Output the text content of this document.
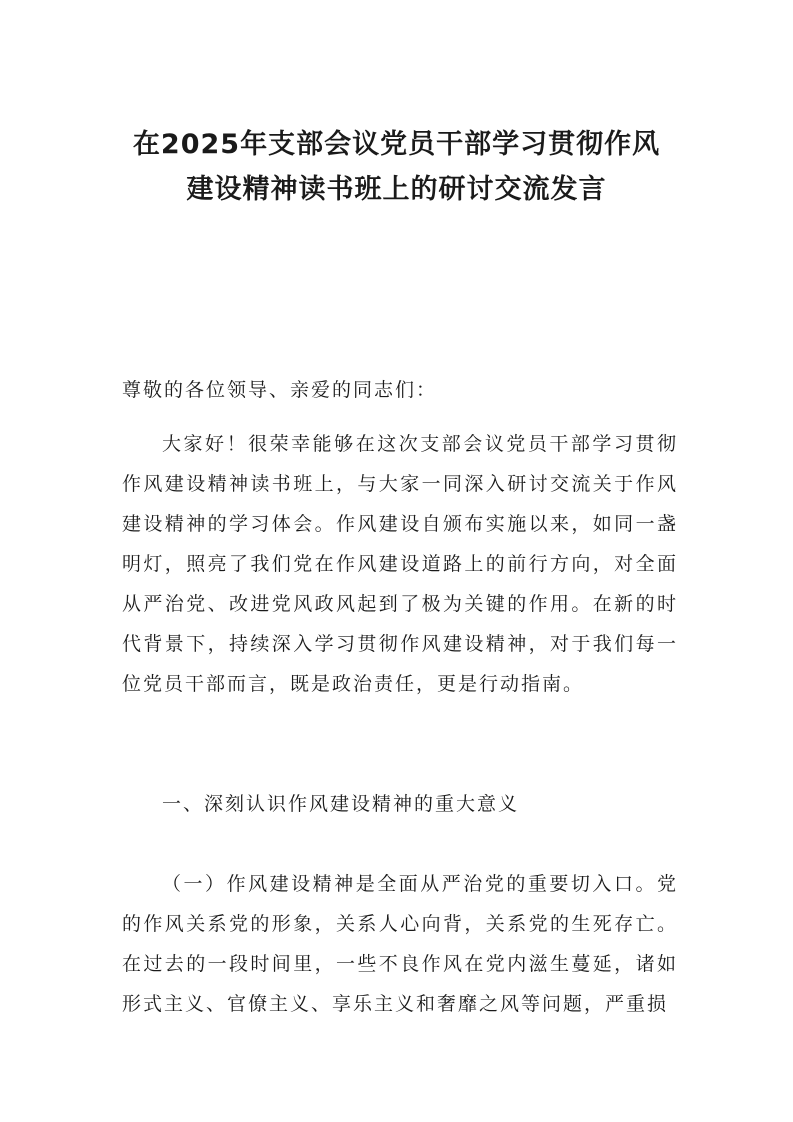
在2025年支部会议党员干部学习贯彻作风
建设精神读书班上的研讨交流发言
尊敬的各位领导、亲爱的同志们：
大家好！很荣幸能够在这次支部会议党员干部学习贯彻作风建设精神读书班上，与大家一同深入研讨交流关于作风建设精神的学习体会。作风建设自颁布实施以来，如同一盏明灯，照亮了我们党在作风建设道路上的前行方向，对全面从严治党、改进党风政风起到了极为关键的作用。在新的时代背景下，持续深入学习贯彻作风建设精神，对于我们每一位党员干部而言，既是政治责任，更是行动指南。
一、深刻认识作风建设精神的重大意义
（一）作风建设精神是全面从严治党的重要切入口。党的作风关系党的形象，关系人心向背，关系党的生死存亡。在过去的一段时间里，一些不良作风在党内滋生蔓延，诸如形式主义、官僚主义、享乐主义和奢靡之风等问题，严重损
